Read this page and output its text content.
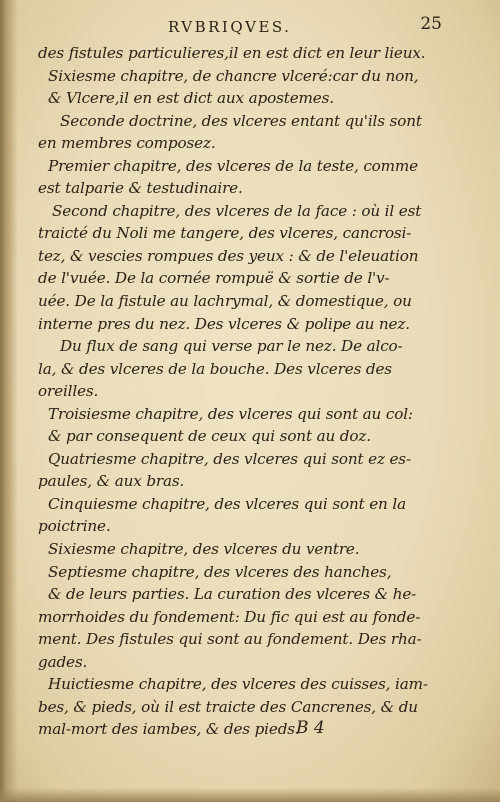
RVBRIQVES.	25
des fistules particulieres,il en est dict en leur lieux.
Sixiesme chapitre, de chancre vlceré:car du non,
& Vlcere,il en est dict aux apostemes.
Seconde doctrine, des vlceres entant qu'ils sont
en membres composez.
Premier chapitre, des vlceres de la teste, comme
est talparie & testudinaire.
Second chapitre, des vlceres de la face : où il est
traicté du Noli me tangere, des vlceres, cancrosi-
tez, & vescies rompues des yeux : & de l'eleuation
de l'vuée. De la cornée rompuë & sortie de l'v-
uée. De la fistule au lachrymal, & domestique, ou
interne pres du nez. Des vlceres & polipe au nez.
Du flux de sang qui verse par le nez. De alco-
la, & des vlceres de la bouche. Des vlceres des
oreilles.
Troisiesme chapitre, des vlceres qui sont au col:
& par consequent de ceux qui sont au doz.
Quatriesme chapitre, des vlceres qui sont ez es-
paules, & aux bras.
Cinquiesme chapitre, des vlceres qui sont en la
poictrine.
Sixiesme chapitre, des vlceres du ventre.
Septiesme chapitre, des vlceres des hanches,
& de leurs parties. La curation des vlceres & he-
morrhoides du fondement: Du fic qui est au fonde-
ment. Des fistules qui sont au fondement. Des rha-
gades.
Huictiesme chapitre, des vlceres des cuisses, iam-
bes, & pieds, où il est traicte des Cancrenes, & du
mal-mort des iambes, & des pieds.
B 4
